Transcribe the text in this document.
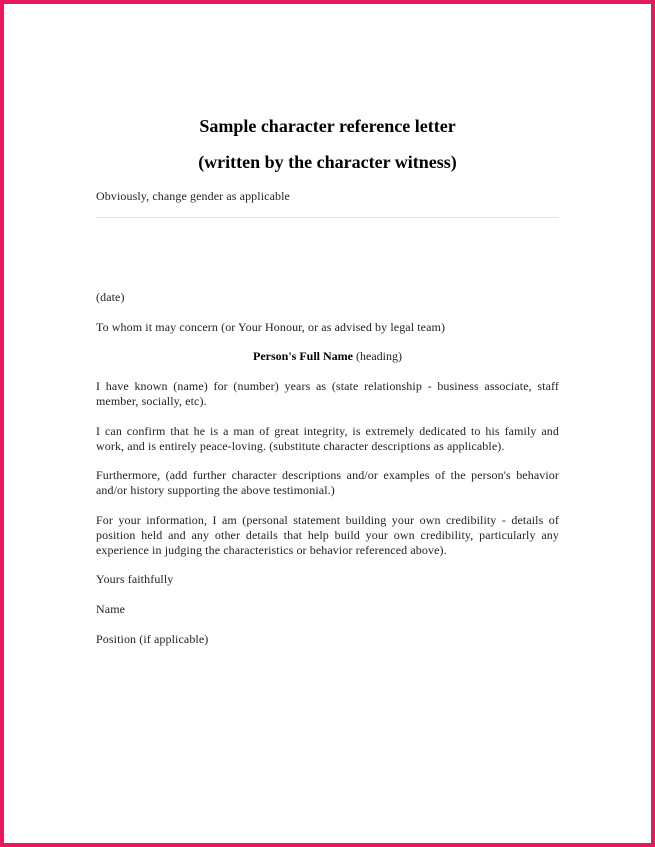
Sample character reference letter
(written by the character witness)
Obviously, change gender as applicable
(date)
To whom it may concern (or Your Honour, or as advised by legal team)
Person's Full Name (heading)
I have known (name) for (number) years as (state relationship - business associate, staff member, socially, etc).
I can confirm that he is a man of great integrity, is extremely dedicated to his family and work, and is entirely peace-loving. (substitute character descriptions as applicable).
Furthermore, (add further character descriptions and/or examples of the person's behavior and/or history supporting the above testimonial.)
For your information, I am (personal statement building your own credibility - details of position held and any other details that help build your own credibility, particularly any experience in judging the characteristics or behavior referenced above).
Yours faithfully
Name
Position (if applicable)
